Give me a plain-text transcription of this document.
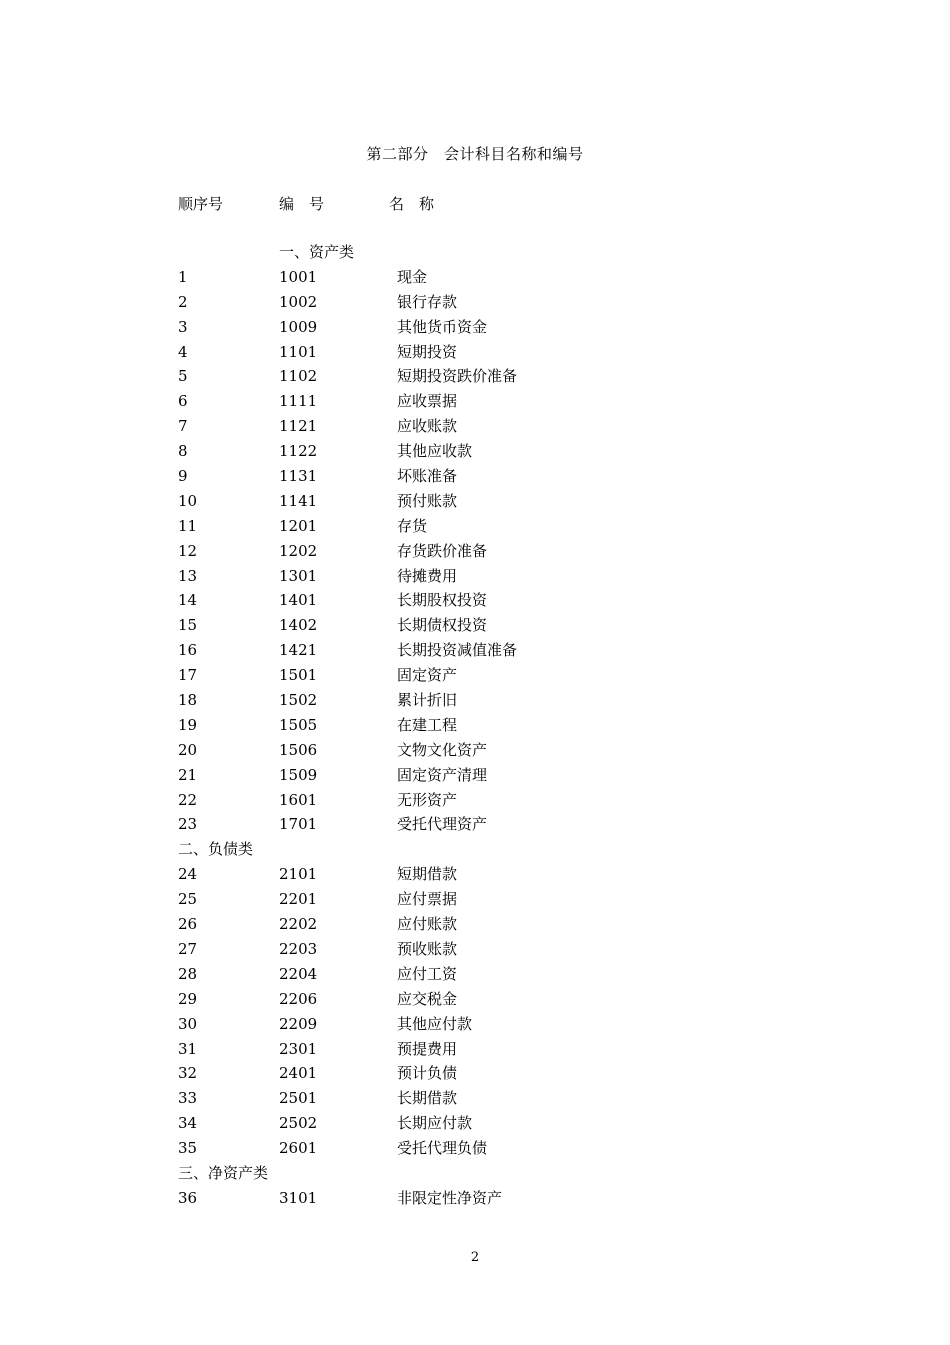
第二部分　会计科目名称和编号
顺序号	编　号	名　称
一、资产类
1	1001	现金
2	1002	银行存款
3	1009	其他货币资金
4	1101	短期投资
5	1102	短期投资跌价准备
6	1111	应收票据
7	1121	应收账款
8	1122	其他应收款
9	1131	坏账准备
10	1141	预付账款
11	1201	存货
12	1202	存货跌价准备
13	1301	待摊费用
14	1401	长期股权投资
15	1402	长期债权投资
16	1421	长期投资减值准备
17	1501	固定资产
18	1502	累计折旧
19	1505	在建工程
20	1506	文物文化资产
21	1509	固定资产清理
22	1601	无形资产
23	1701	受托代理资产
二、负债类
24	2101	短期借款
25	2201	应付票据
26	2202	应付账款
27	2203	预收账款
28	2204	应付工资
29	2206	应交税金
30	2209	其他应付款
31	2301	预提费用
32	2401	预计负债
33	2501	长期借款
34	2502	长期应付款
35	2601	受托代理负债
三、净资产类
36	3101	非限定性净资产
2
